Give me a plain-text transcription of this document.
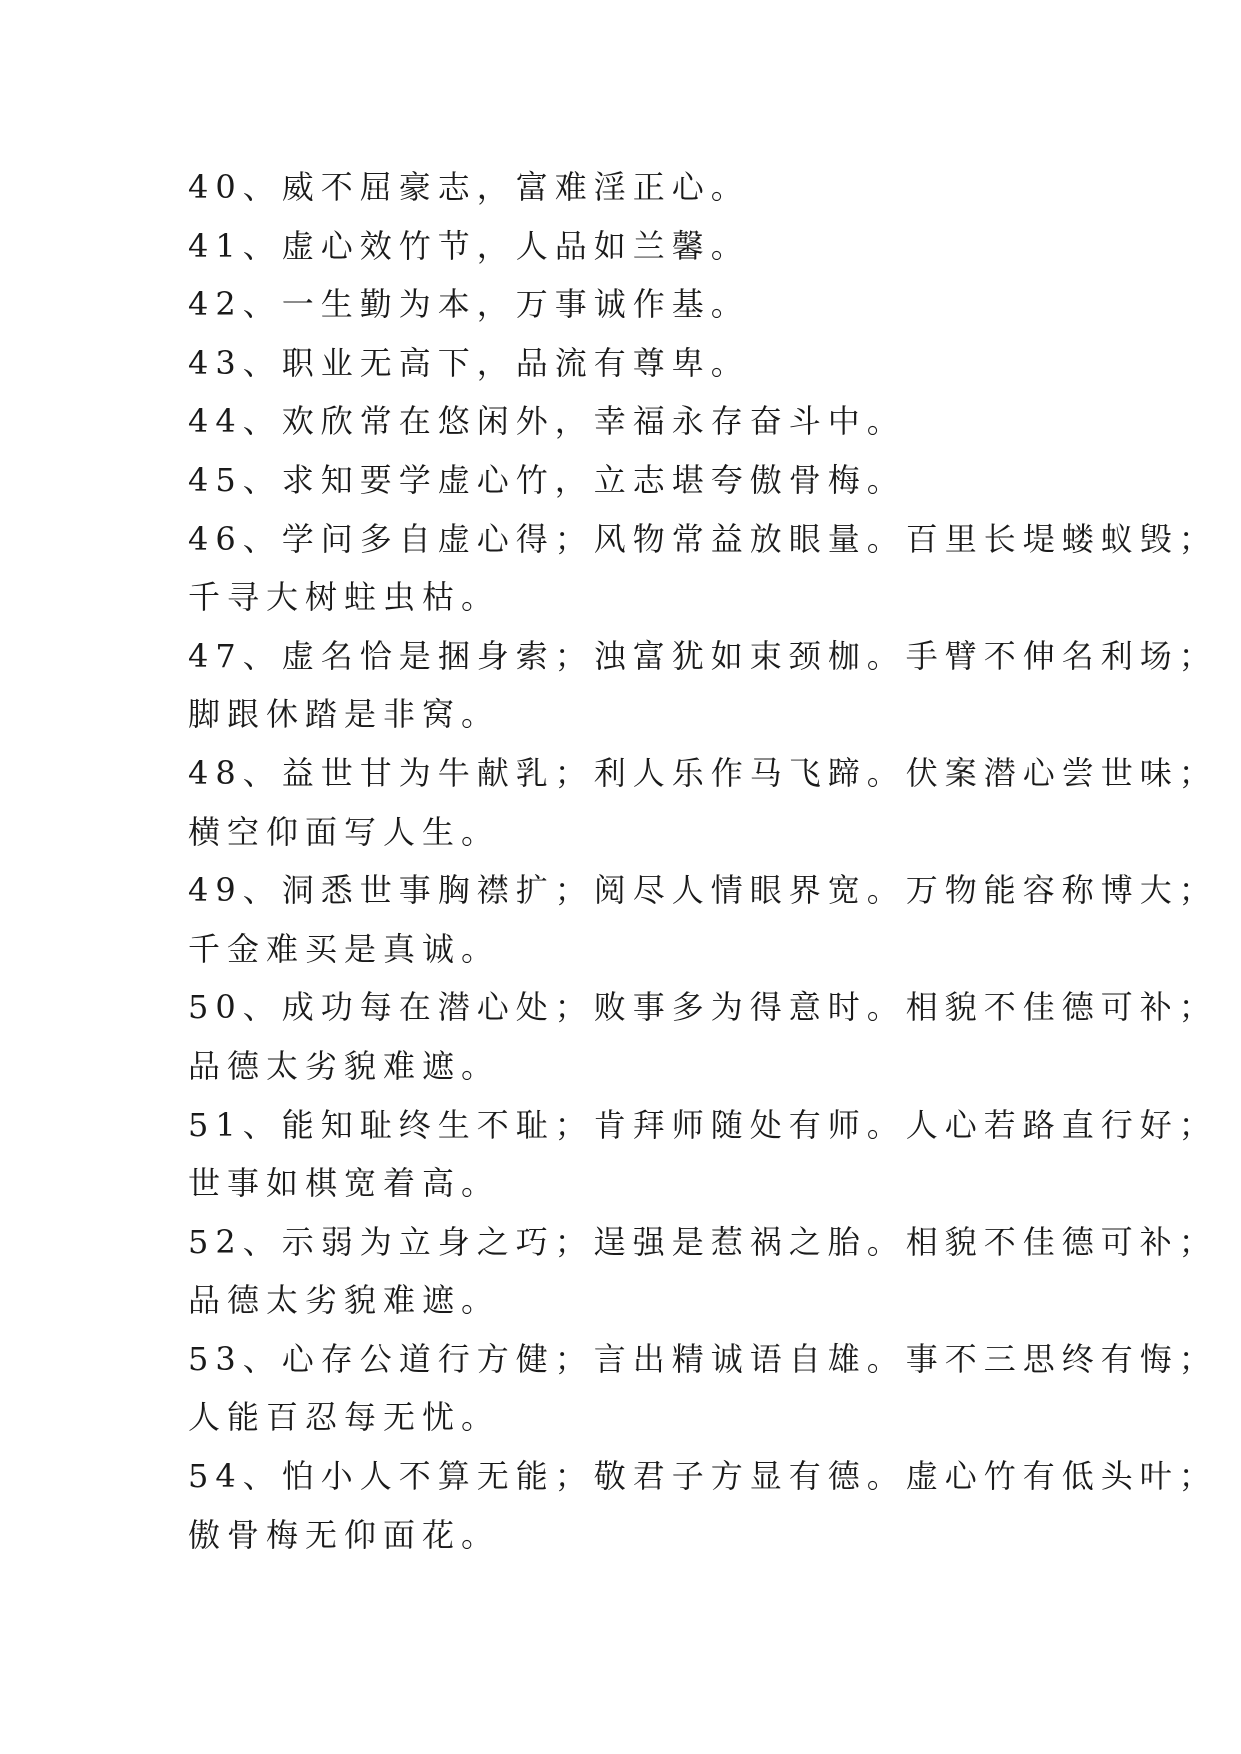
40、威不屈豪志，富难淫正心。

41、虚心效竹节，人品如兰馨。

42、一生勤为本，万事诚作基。

43、职业无高下，品流有尊卑。

44、欢欣常在悠闲外，幸福永存奋斗中。

45、求知要学虚心竹，立志堪夸傲骨梅。

46、学问多自虚心得；风物常益放眼量。百里长堤蝼蚁毁；

千寻大树蛀虫枯。

47、虚名恰是捆身索；浊富犹如束颈枷。手臂不伸名利场；

脚跟休踏是非窝。

48、益世甘为牛献乳；利人乐作马飞蹄。伏案潜心尝世味；

横空仰面写人生。

49、洞悉世事胸襟扩；阅尽人情眼界宽。万物能容称博大；

千金难买是真诚。

50、成功每在潜心处；败事多为得意时。相貌不佳德可补；

品德太劣貌难遮。

51、能知耻终生不耻；肯拜师随处有师。人心若路直行好；

世事如棋宽着高。

52、示弱为立身之巧；逞强是惹祸之胎。相貌不佳德可补；

品德太劣貌难遮。

53、心存公道行方健；言出精诚语自雄。事不三思终有悔；

人能百忍每无忧。

54、怕小人不算无能；敬君子方显有德。虚心竹有低头叶；

傲骨梅无仰面花。
